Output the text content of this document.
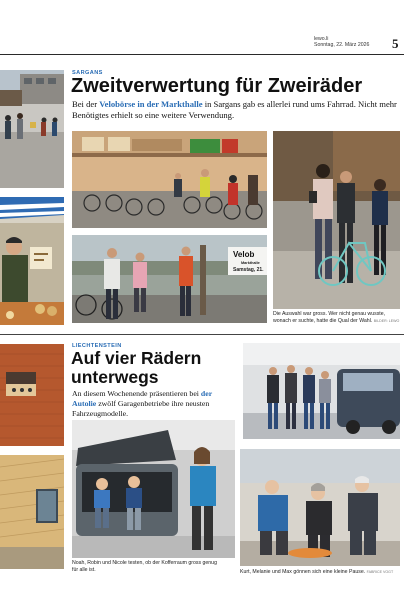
lewo.li
Sonntag, 22. März 2026 5
SARGANS
Zweitverwertung für Zweiräder
Bei der Velobörse in der Markthalle in Sargans gab es allerlei rund ums Fahrrad. Nicht mehr Benötigtes erhielt so eine weitere Verwendung.
Die Auswahl war gross. Wer nicht genau wusste,
wonach er suchte, hatte die Qual der Wahl. BILDER: LEWO
Velob
Markthalle
Samstag, 21.
LIECHTENSTEIN
Auf vier Rädern
unterwegs
An diesem Wochenende präsentieren bei der Autolie zwölf Garagenbetriebe ihre neusten Fahrzeugmodelle.
Noah, Robin und Nicole testen, ob der Kofferraum gross genug
für alle ist.	Kurt, Melanie und Max gönnen sich eine kleine Pause. FABRICE VOGT
